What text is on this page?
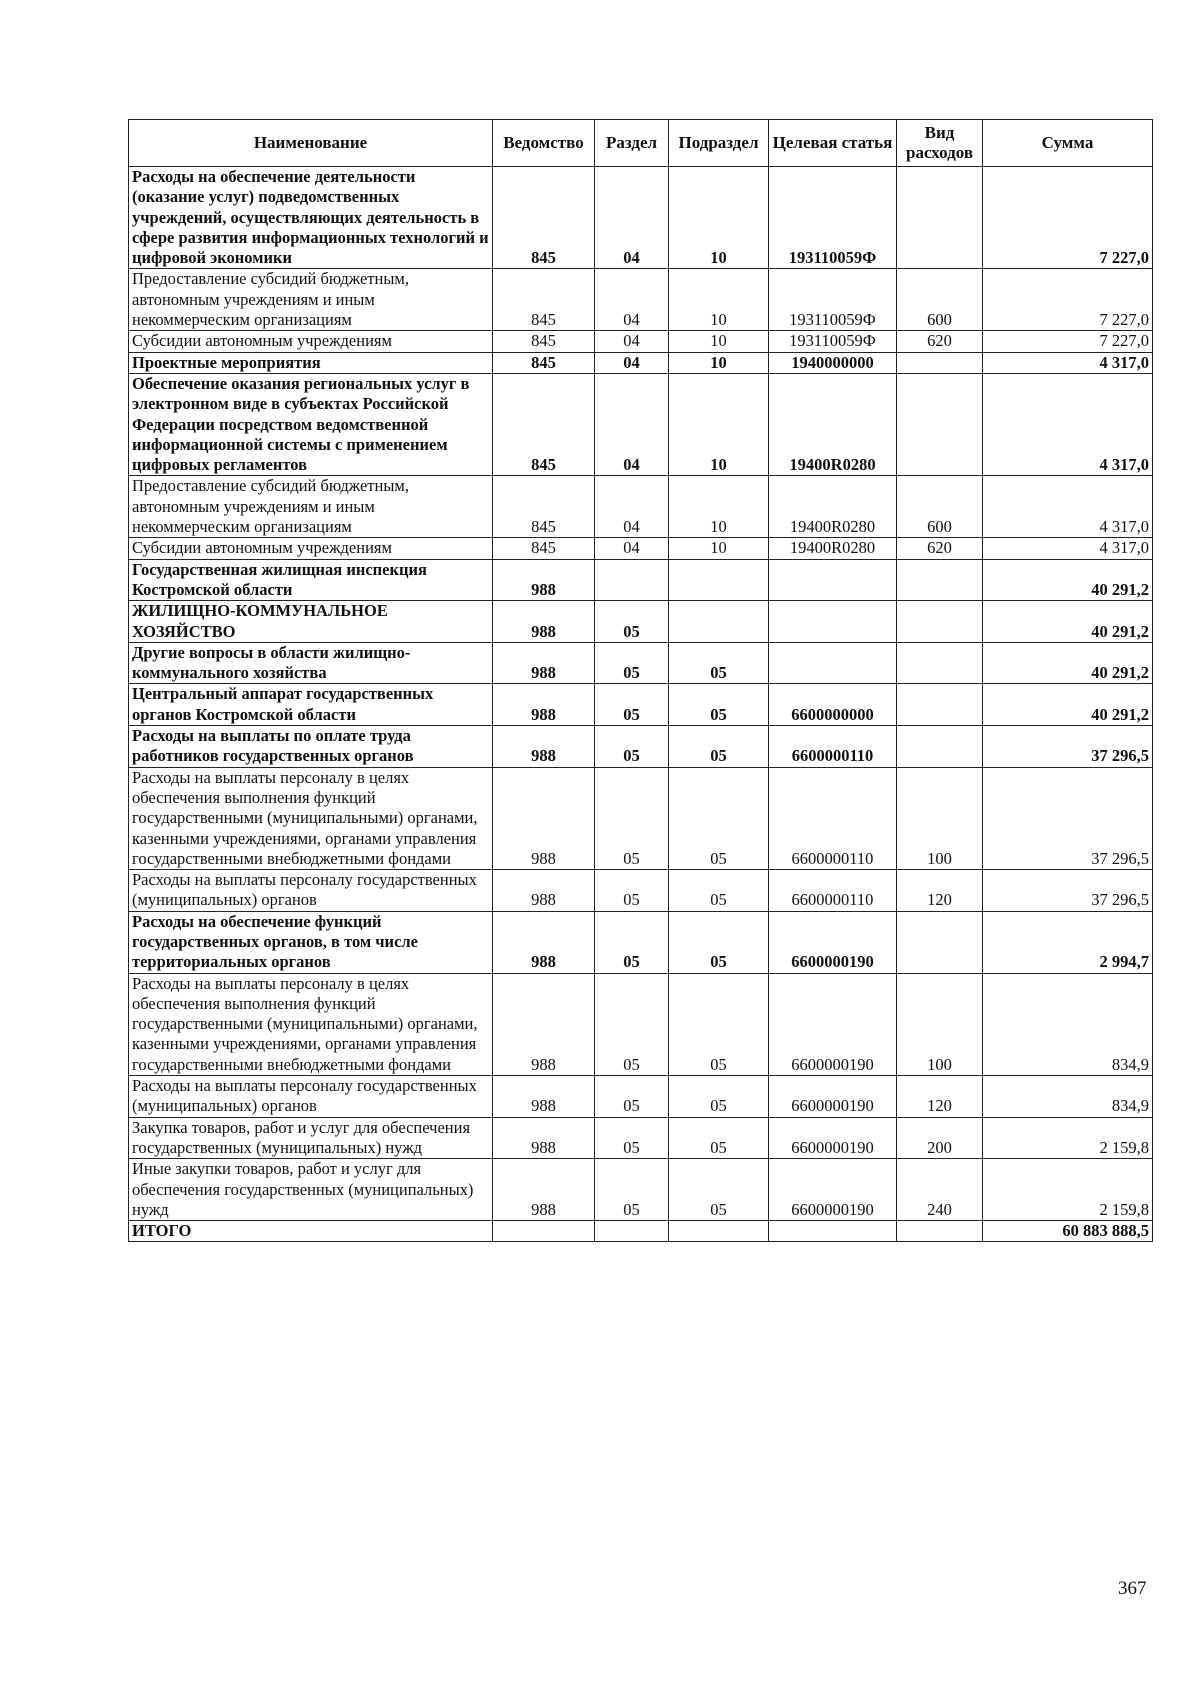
Наименование	Ведомство	Раздел	Подраздел	Целевая статья	Вид расходов	Сумма
Расходы на обеспечение деятельности (оказание услуг) подведомственных учреждений, осуществляющих деятельность в сфере развития информационных технологий и цифровой экономики	845	04	10	193110059Ф		7 227,0
Предоставление субсидий бюджетным, автономным учреждениям и иным некоммерческим организациям	845	04	10	193110059Ф	600	7 227,0
Субсидии автономным учреждениям	845	04	10	193110059Ф	620	7 227,0
Проектные мероприятия	845	04	10	1940000000		4 317,0
Обеспечение оказания региональных услуг в электронном виде в субъектах Российской Федерации посредством ведомственной информационной системы с применением цифровых регламентов	845	04	10	19400R0280		4 317,0
Предоставление субсидий бюджетным, автономным учреждениям и иным некоммерческим организациям	845	04	10	19400R0280	600	4 317,0
Субсидии автономным учреждениям	845	04	10	19400R0280	620	4 317,0
Государственная жилищная инспекция Костромской области	988					40 291,2
ЖИЛИЩНО-КОММУНАЛЬНОЕ ХОЗЯЙСТВО	988	05				40 291,2
Другие вопросы в области жилищно-коммунального хозяйства	988	05	05			40 291,2
Центральный аппарат государственных органов Костромской области	988	05	05	6600000000		40 291,2
Расходы на выплаты по оплате труда работников государственных органов	988	05	05	6600000110		37 296,5
Расходы на выплаты персоналу в целях обеспечения выполнения функций государственными (муниципальными) органами, казенными учреждениями, органами управления государственными внебюджетными фондами	988	05	05	6600000110	100	37 296,5
Расходы на выплаты персоналу государственных (муниципальных) органов	988	05	05	6600000110	120	37 296,5
Расходы на обеспечение функций государственных органов, в том числе территориальных органов	988	05	05	6600000190		2 994,7
Расходы на выплаты персоналу в целях обеспечения выполнения функций государственными (муниципальными) органами, казенными учреждениями, органами управления государственными внебюджетными фондами	988	05	05	6600000190	100	834,9
Расходы на выплаты персоналу государственных (муниципальных) органов	988	05	05	6600000190	120	834,9
Закупка товаров, работ и услуг для обеспечения государственных (муниципальных) нужд	988	05	05	6600000190	200	2 159,8
Иные закупки товаров, работ и услуг для обеспечения государственных (муниципальных) нужд	988	05	05	6600000190	240	2 159,8
ИТОГО						60 883 888,5
367
